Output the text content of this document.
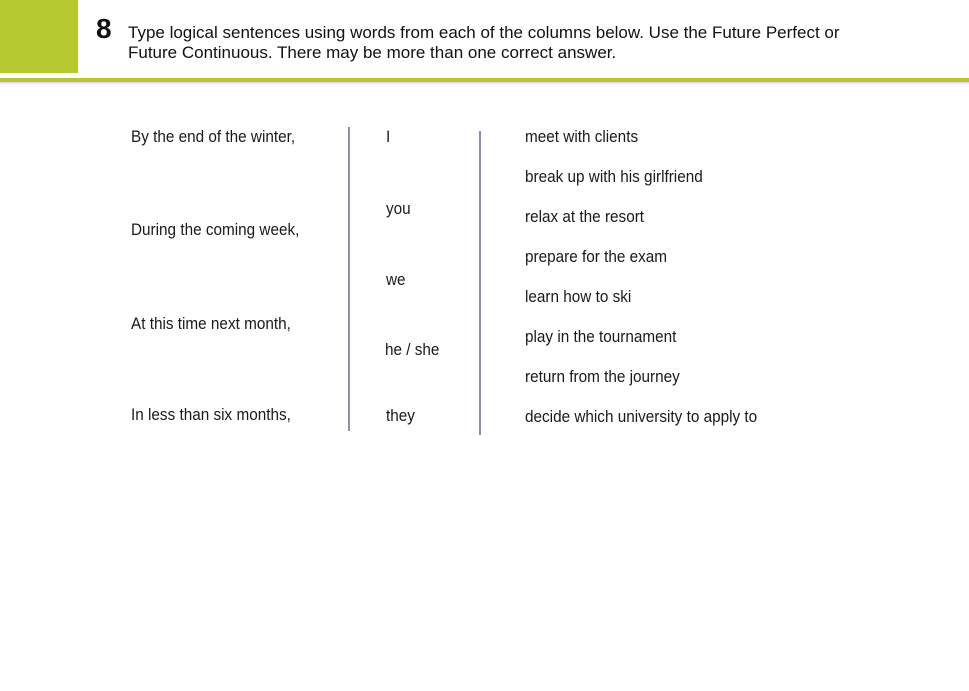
8 Type logical sentences using words from each of the columns below. Use the Future Perfect or
Future Continuous. There may be more than one correct answer.
By the end of the winter,
During the coming week,
At this time next month,
In less than six months,
I
you
we
he / she
they
meet with clients
break up with his girlfriend
relax at the resort
prepare for the exam
learn how to ski
play in the tournament
return from the journey
decide which university to apply to
